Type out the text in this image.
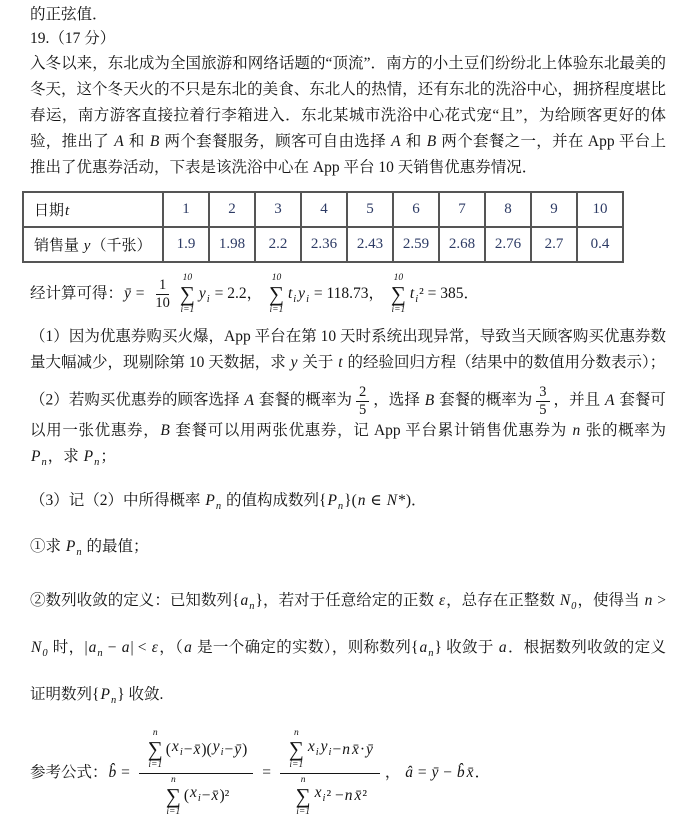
的正弦值．

19.（17 分）

入冬以来，东北成为全国旅游和网络话题的“顶流”．南方的小土豆们纷纷北上体验东北最美的冬天，这个冬天火的不只是东北的美食、东北人的热情，还有东北的洗浴中心，拥挤程度堪比春运，南方游客直接拉着行李箱进入．东北某城市洗浴中心花式宠“且”，为给顾客更好的体验，推出了 A 和 B 两个套餐服务，顾客可自由选择 A 和 B 两个套餐之一，并在 App 平台上推出了优惠券活动，下表是该洗浴中心在 App 平台 10 天销售优惠券情况．

日期t	1	2	3	4	5	6	7	8	9	10
销售量 y（千张）	1.9	1.98	2.2	2.36	2.43	2.59	2.68	2.76	2.7	0.4

经计算可得：ȳ = $\frac{1}{10} 10$
∑
i=1
$y_i = 2.2$，
10
∑
i=1
$t_i$ $y_i = 118.73$，
10
∑
i=1
$t_i^2 = 385$．

（1）因为优惠券购买火爆，App 平台在第 10 天时系统出现异常，导致当天顾客购买优惠券数量大幅减少，现剔除第 10 天数据，求 y 关于 t 的经验回归方程（结果中的数值用分数表示）；

（2）若购买优惠券的顾客选择 A 套餐的概率为 $\frac{2}{5}$ ，选择 B 套餐的概率为 $\frac{3}{5}$ ，并且 A 套餐可以用一张优惠券，B 套餐可以用两张优惠券，记 App 平台累计销售优惠券为 n 张的概率为 $P_n$，求 $P_n$；

（3）记（2）中所得概率 $P_n$ 的值构成数列$\{P_n\}(n$ ∈ N*)．

①求 $P_n$ 的最值；

②数列收敛的定义：已知数列$\{a_n\}$，若对于任意给定的正数 ε，总存在正整数 $N_0$，使得当 $n > N_0$ 时，$|a_n - a| < \varepsilon$，（a 是一个确定的实数），则称数列$\{a_n\}$ 收敛于 a．根据数列收敛的定义证明数列$\{P_n\}$ 收敛.

参考公式：b̂ = n
∑
i=1
( $x_i$ − x̄ )( $y_i$ − ȳ )
n
∑
i=1
( $x_i$ − x̄ )² =
n
∑
i=1
$x_i$ $y_i - n$ x̄ · ȳ
n
∑
i=1
$x_i$ ² − n x̄ ²
， â = ȳ − b̂ x̄．
